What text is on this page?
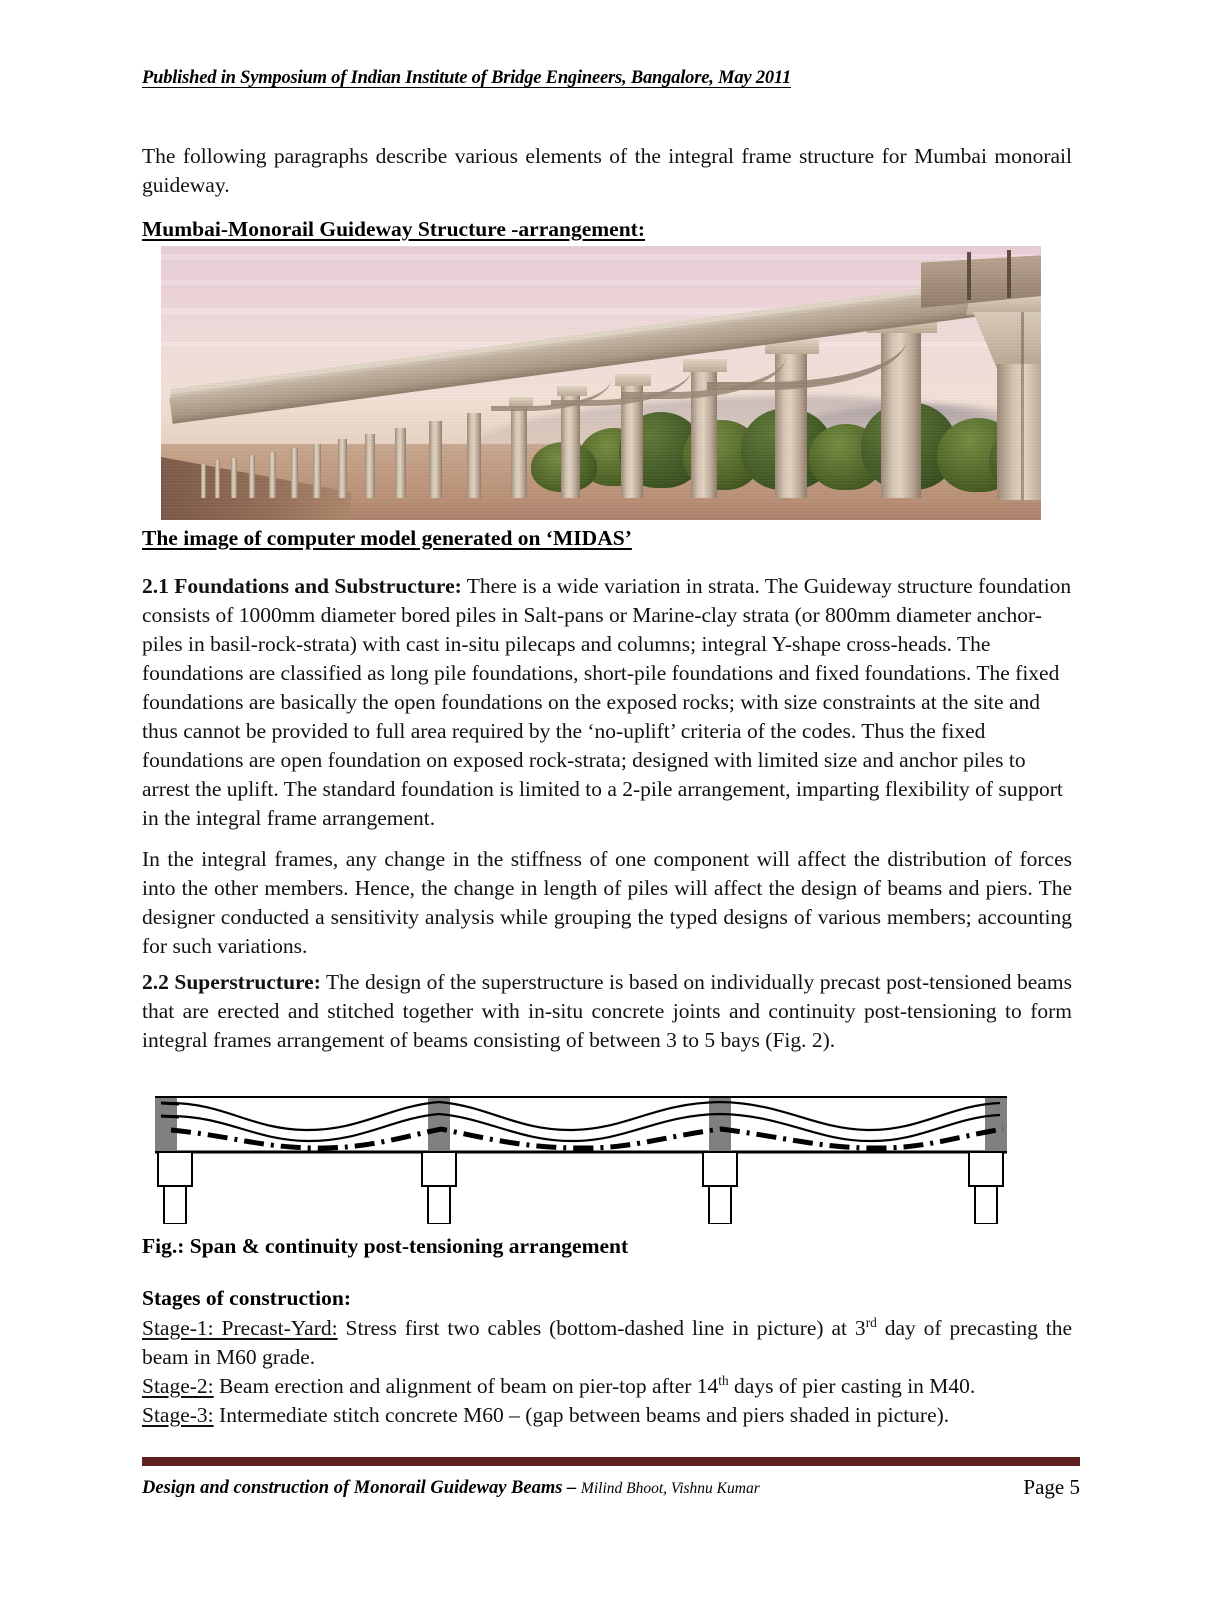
Published in Symposium of Indian Institute of Bridge Engineers, Bangalore, May 2011
The following paragraphs describe various elements of the integral frame structure for Mumbai monorail guideway.
Mumbai-Monorail Guideway Structure -arrangement:
The image of computer model generated on ‘MIDAS’
2.1 Foundations and Substructure: There is a wide variation in strata. The Guideway structure foundation consists of 1000mm diameter bored piles in Salt-pans or Marine-clay strata (or 800mm diameter anchor-piles in basil-rock-strata) with cast in-situ pilecaps and columns; integral Y-shape cross-heads. The foundations are classified as long pile foundations, short-pile foundations and fixed foundations. The fixed foundations are basically the open foundations on the exposed rocks; with size constraints at the site and thus cannot be provided to full area required by the ‘no-uplift’ criteria of the codes. Thus the fixed foundations are open foundation on exposed rock-strata; designed with limited size and anchor piles to arrest the uplift. The standard foundation is limited to a 2-pile arrangement, imparting flexibility of support in the integral frame arrangement.
In the integral frames, any change in the stiffness of one component will affect the distribution of forces into the other members. Hence, the change in length of piles will affect the design of beams and piers. The designer conducted a sensitivity analysis while grouping the typed designs of various members; accounting for such variations.
2.2 Superstructure: The design of the superstructure is based on individually precast post-tensioned beams that are erected and stitched together with in-situ concrete joints and continuity post-tensioning to form integral frames arrangement of beams consisting of between 3 to 5 bays (Fig. 2).
Fig.: Span & continuity post-tensioning arrangement
Stages of construction:
Stage-1: Precast-Yard: Stress first two cables (bottom-dashed line in picture) at 3rd day of precasting the beam in M60 grade.
Stage-2: Beam erection and alignment of beam on pier-top after 14th days of pier casting in M40.
Stage-3: Intermediate stitch concrete M60 – (gap between beams and piers shaded in picture).
Design and construction of Monorail Guideway Beams – Milind Bhoot, Vishnu Kumar	Page 5
